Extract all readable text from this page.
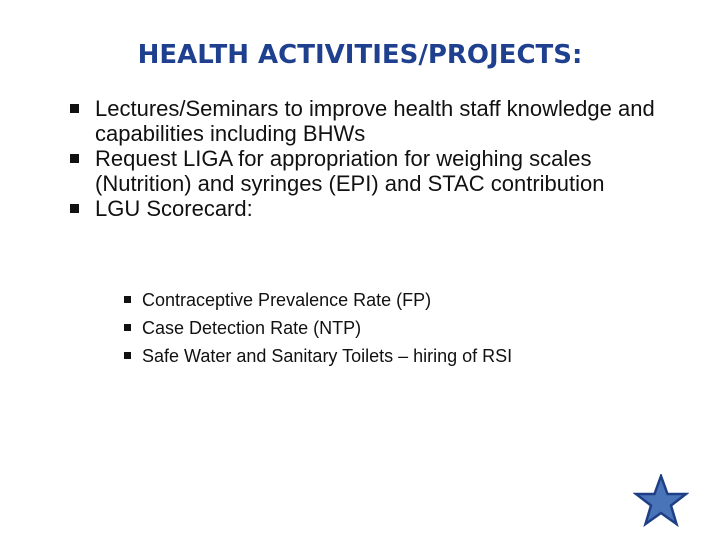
HEALTH ACTIVITIES/PROJECTS:
Lectures/Seminars to improve health staff knowledge and capabilities including BHWs
Request LIGA for appropriation for weighing scales (Nutrition) and syringes (EPI) and STAC contribution
LGU Scorecard:
Contraceptive Prevalence Rate (FP)
Case Detection Rate (NTP)
Safe Water and Sanitary Toilets – hiring of RSI
